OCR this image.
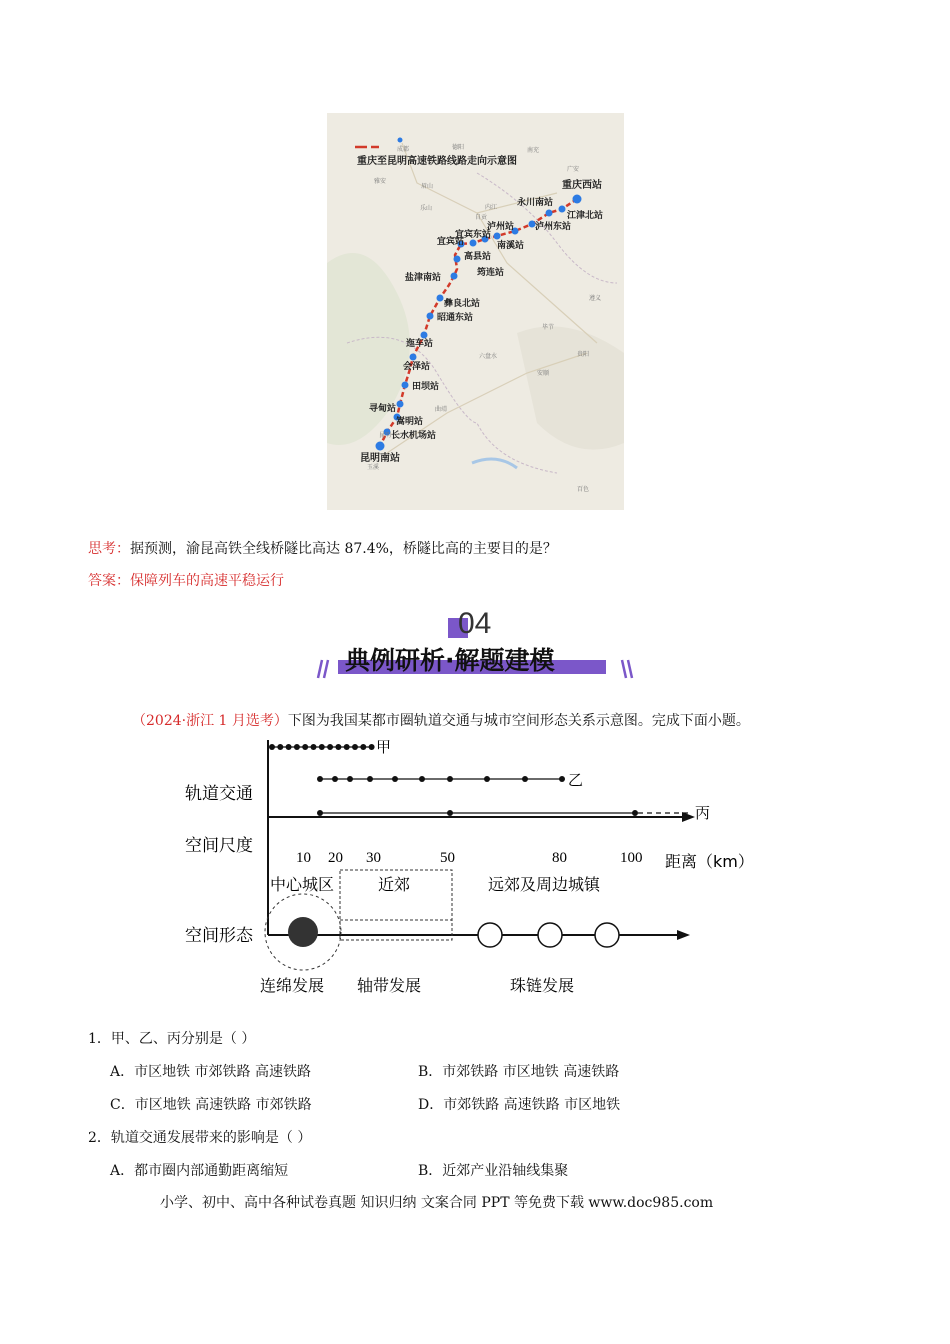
重庆至昆明高速铁路线路走向示意图
重庆西站
永川南站
江津北站
泸州站 泸州东站
宜宾东站
宜宾站	南溪站
高县站
筠连站
盐津南站
彝良北站
昭通东站
迤车站
会泽站
田坝站
寻甸站
嵩明站
长水机场站
昆明南站
德阳
成都	南充
广安
雅安
眉山
乐山	内江
自贡
遵义
毕节
六盘水	贵阳
安顺
曲靖
昆明
玉溪
百色
思考：据预测，渝昆高铁全线桥隧比高达 87.4%，桥隧比高的主要目的是？
答案：保障列车的高速平稳运行
04
典例研析·解题建模
（2024·浙江 1 月选考）下图为我国某都市圈轨道交通与城市空间形态关系示意图。完成下面小题。
轨道交通
空间尺度
空间形态
甲
乙
丙
10 20 30	50	80	100 距离（km）
中心城区	近郊	远郊及周边城镇
连绵发展 轴带发展	珠链发展
1．甲、乙、丙分别是（ ）
A．市区地铁 市郊铁路 高速铁路	B．市郊铁路 市区地铁 高速铁路
C．市区地铁 高速铁路 市郊铁路	D．市郊铁路 高速铁路 市区地铁
2．轨道交通发展带来的影响是（ ）
A．都市圈内部通勤距离缩短	B．近郊产业沿轴线集聚
小学、初中、高中各种试卷真题 知识归纳 文案合同 PPT 等免费下载 www.doc985.com
